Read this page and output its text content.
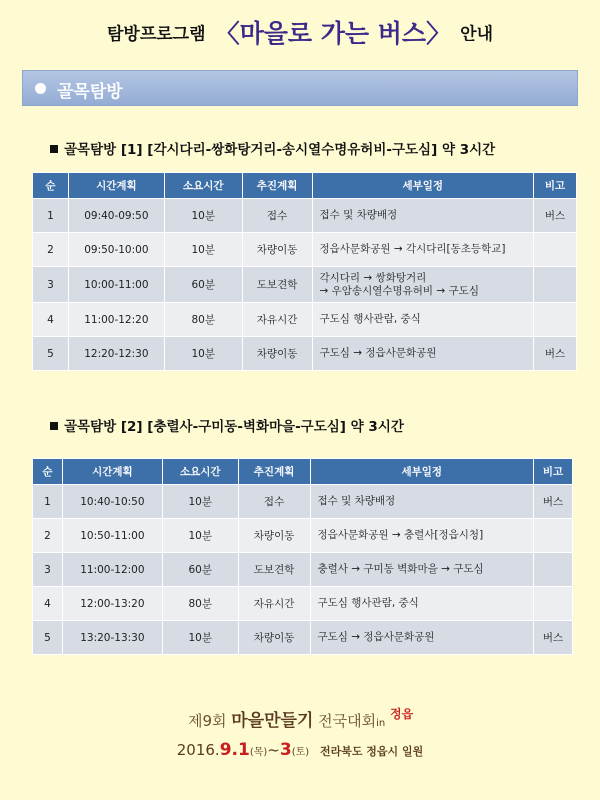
탐방프로그램 〈마을로 가는 버스〉 안내
골목탐방
골목탐방 [1] [각시다리-쌍화탕거리-송시열수명유허비-구도심] 약 3시간
순	시간계획	소요시간	추진계획	세부일정	비고
1	09:40-09:50	10분	접수	접수 및 차량배정	버스
2	09:50-10:00	10분	차량이동	정읍사문화공원 → 각시다리[동초등학교]	
3	10:00-11:00	60분	도보견학	각시다리 → 쌍화탕거리
→ 우암송시열수명유허비 → 구도심	

4	11:00-12:20	80분	자유시간	구도심 행사관람, 중식	
5	12:20-12:30	10분	차량이동	구도심 → 정읍사문화공원	버스
골목탐방 [2] [충렬사-구미동-벽화마을-구도심] 약 3시간
순	시간계획	소요시간	추진계획	세부일정	비고
1	10:40-10:50	10분	접수	접수 및 차량배정	버스
2	10:50-11:00	10분	차량이동	정읍사문화공원 → 충렬사[정읍시청]	
3	11:00-12:00	60분	도보견학	충렬사 → 구미동 벽화마을 → 구도심	
4	12:00-13:20	80분	자유시간	구도심 행사관람, 중식	
5	13:20-13:30	10분	차량이동	구도심 → 정읍사문화공원	버스
제9회 마을만들기 전국대회in 정읍
2016.9.1(목)~3(토) 전라북도 정읍시 일원
